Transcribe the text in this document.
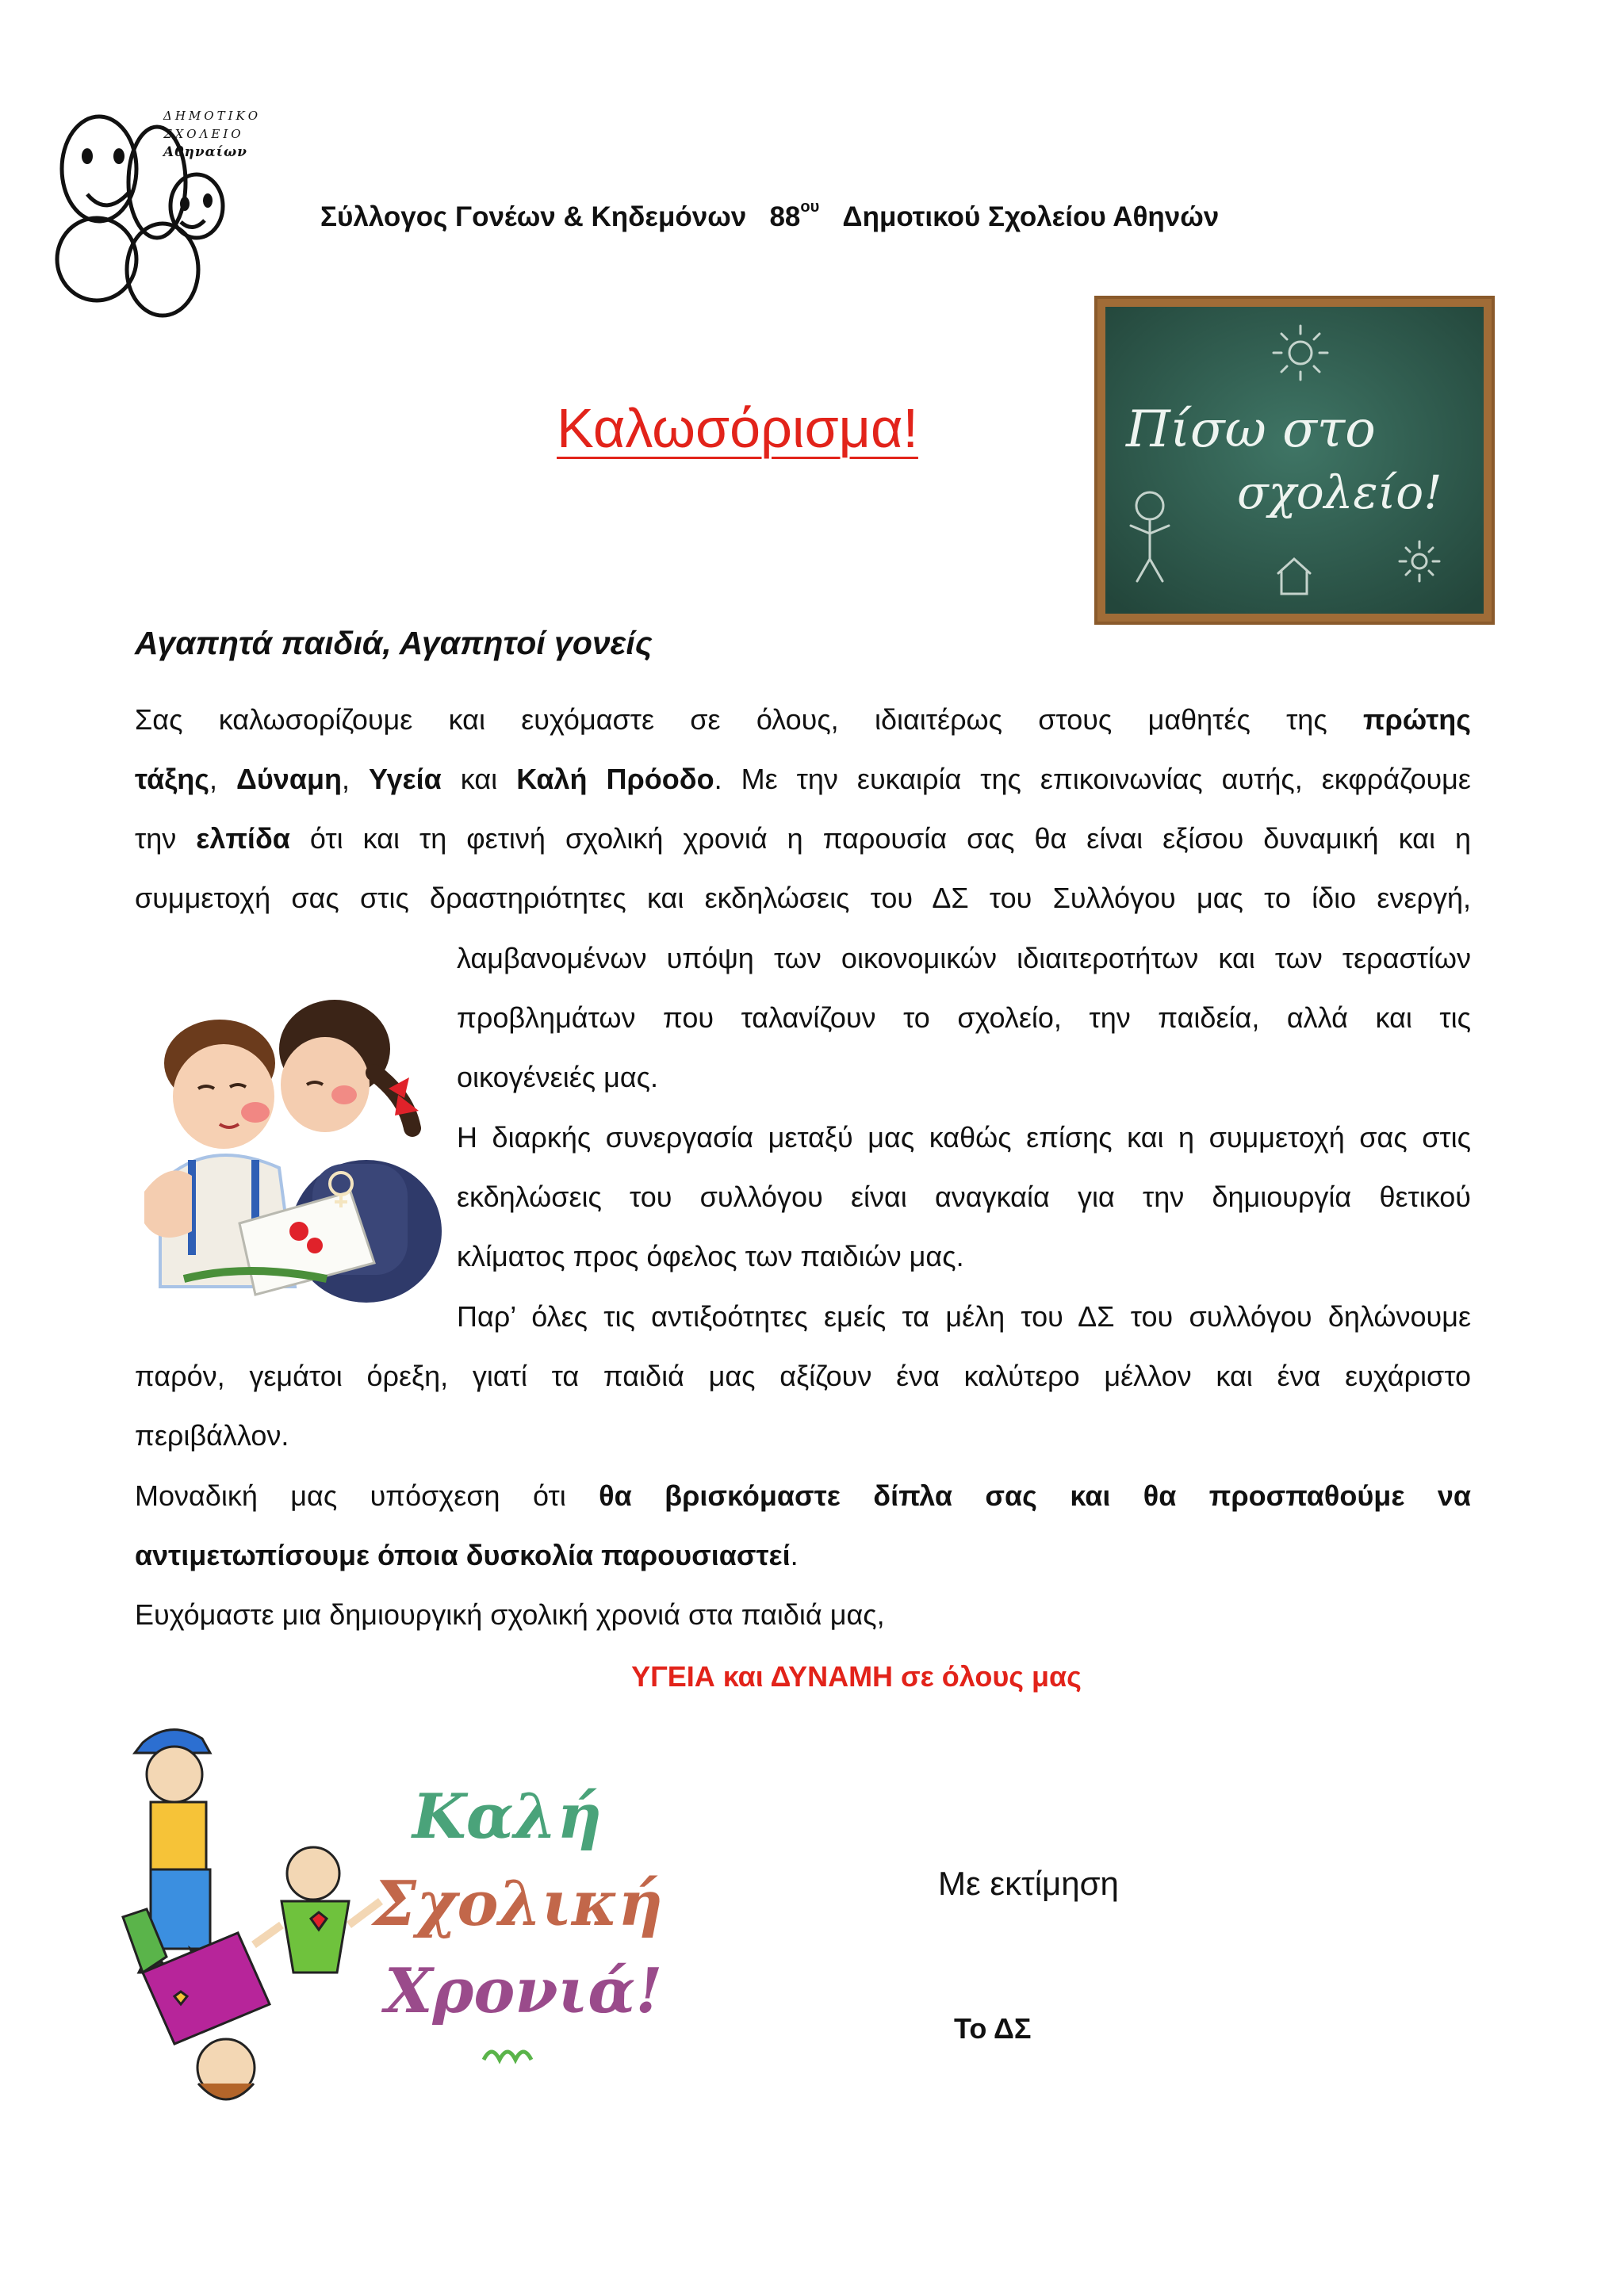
ΔΗΜΟΤΙΚΟ
ΣΧΟΛΕΙΟ
Αθηναίων
Σύλλογος Γονέων & Κηδεμόνων $88^{o\upsilon}$ Δημοτικού Σχολείου Αθηνών
Καλωσόρισμα!	Πίσω στο
σχολείο!
Αγαπητά παιδιά, Αγαπητοί γονείς
Σας καλωσορίζουμε και ευχόμαστε σε όλους, ιδιαιτέρως στους μαθητές της πρώτης
τάξης, Δύναμη, Υγεία και Καλή Πρόοδο. Με την ευκαιρία της επικοινωνίας αυτής, εκφράζουμε
την ελπίδα ότι και τη φετινή σχολική χρονιά η παρουσία σας θα είναι εξίσου δυναμική και η
συμμετοχή σας στις δραστηριότητες και εκδηλώσεις του ΔΣ του Συλλόγου μας το ίδιο ενεργή,
λαμβανομένων υπόψη των οικονομικών ιδιαιτεροτήτων και των τεραστίων
προβλημάτων που ταλανίζουν το σχολείο, την παιδεία, αλλά και τις
οικογένειές μας.
Η διαρκής συνεργασία μεταξύ μας καθώς επίσης και η συμμετοχή σας στις
εκδηλώσεις του συλλόγου είναι αναγκαία για την δημιουργία θετικού
κλίματος προς όφελος των παιδιών μας.
Παρ’ όλες τις αντιξοότητες εμείς τα μέλη του ΔΣ του συλλόγου δηλώνουμε
παρόν, γεμάτοι όρεξη, γιατί τα παιδιά μας αξίζουν ένα καλύτερο μέλλον και ένα ευχάριστο
περιβάλλον.
Μοναδική μας υπόσχεση ότι θα βρισκόμαστε δίπλα σας και θα προσπαθούμε να
αντιμετωπίσουμε όποια δυσκολία παρουσιαστεί.
Ευχόμαστε μια δημιουργική σχολική χρονιά στα παιδιά μας,
ΥΓΕΙΑ και ΔΥΝΑΜΗ σε όλους μας
Καλή
Σχολική
Χρονιά!
Με εκτίμηση
Το ΔΣ
